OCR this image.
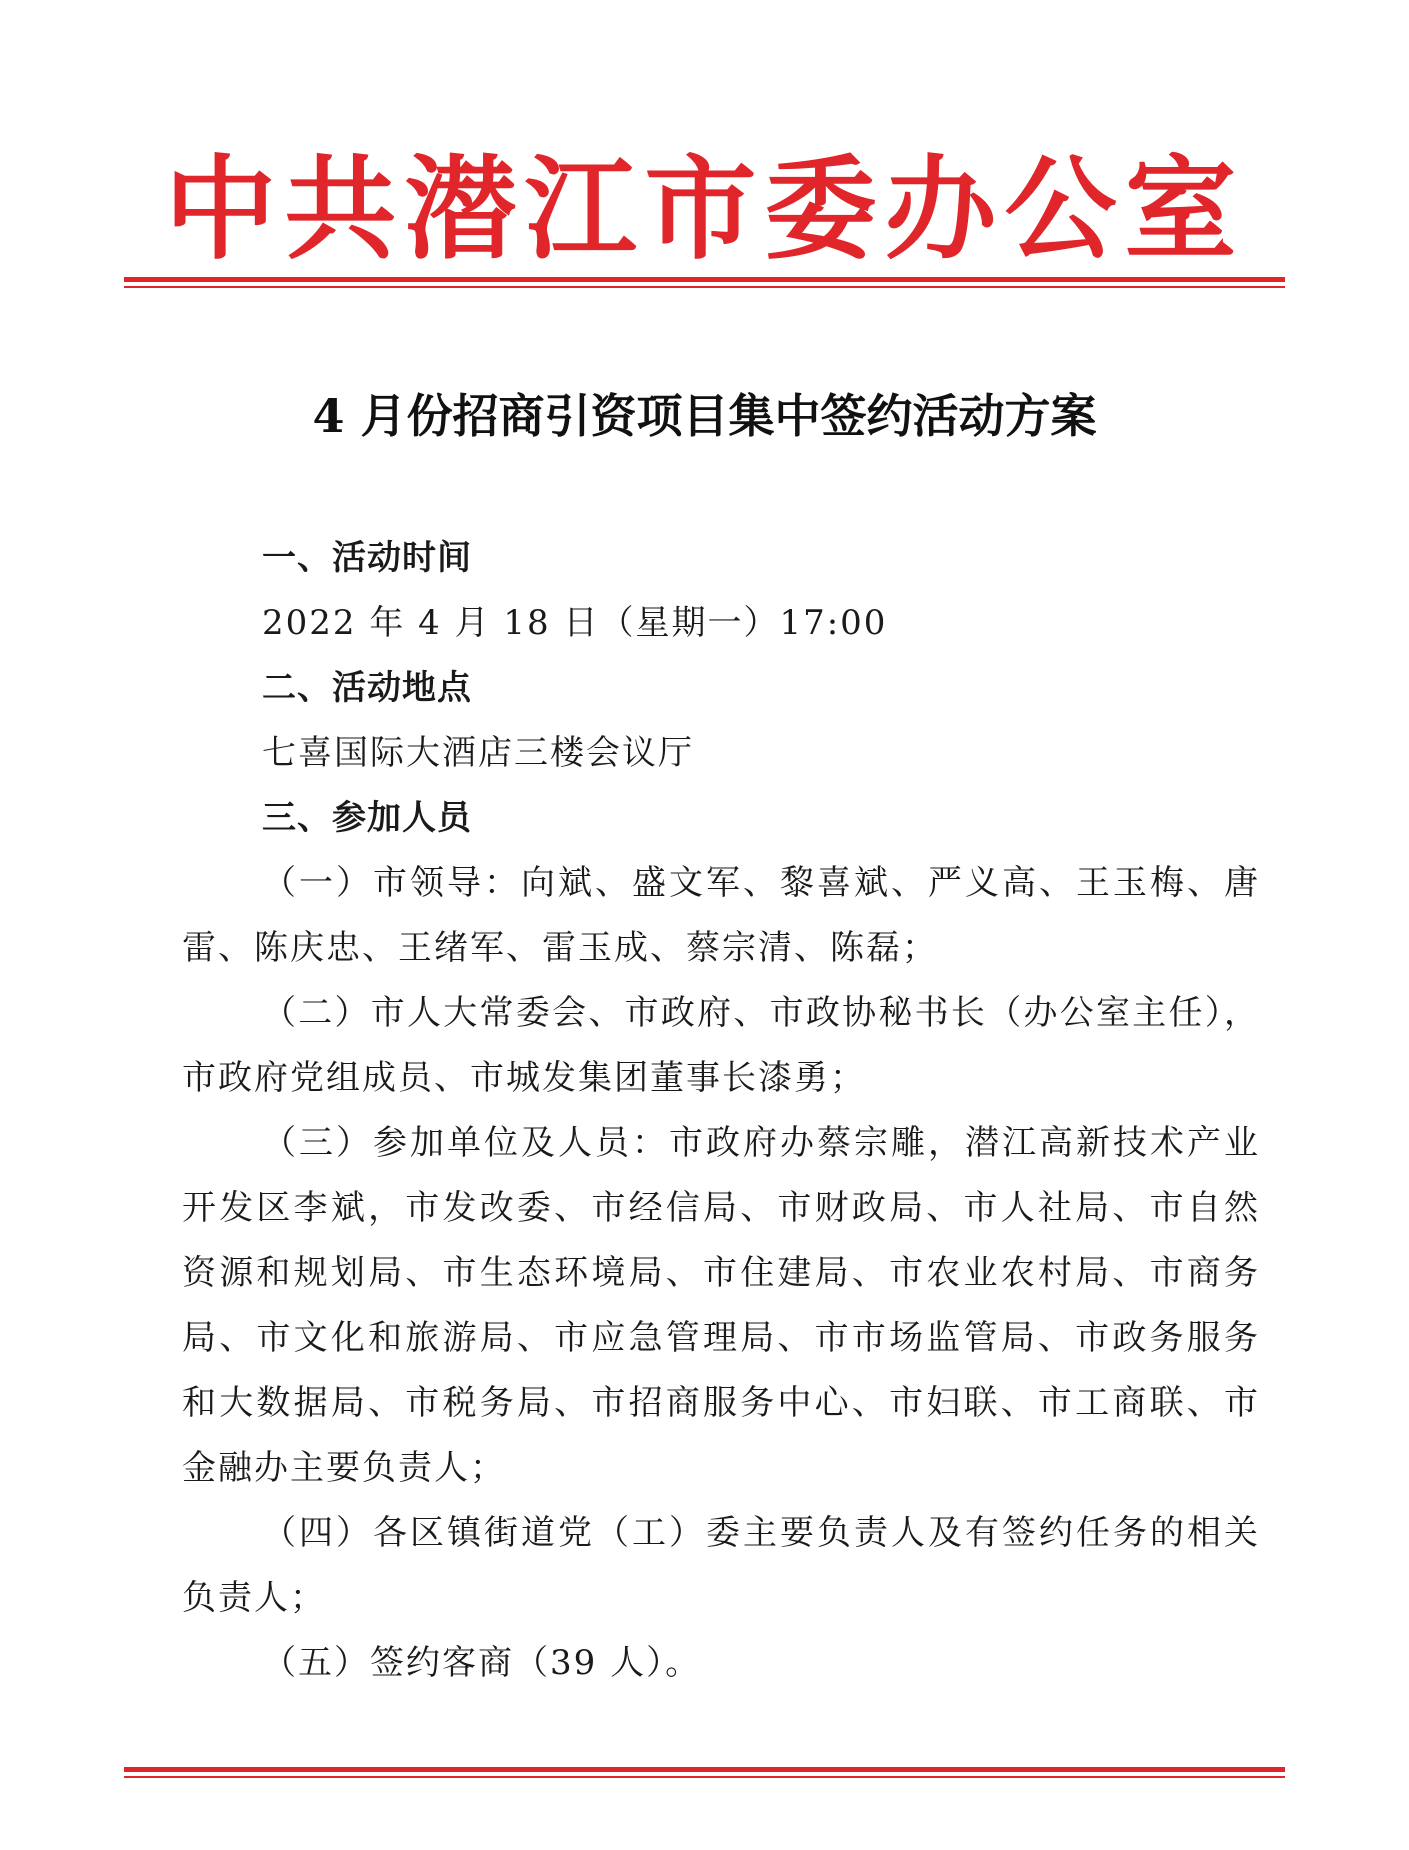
中共潜江市委办公室
4 月份招商引资项目集中签约活动方案

一、活动时间

2022 年 4 月 18 日（星期一）17:00

二、活动地点

七喜国际大酒店三楼会议厅

三、参加人员

（一）市领导：向斌、盛文军、黎喜斌、严义高、王玉梅、唐雷、陈庆忠、王绪军、雷玉成、蔡宗清、陈磊；

（二）市人大常委会、市政府、市政协秘书长（办公室主任），市政府党组成员、市城发集团董事长漆勇；

（三）参加单位及人员：市政府办蔡宗雕，潜江高新技术产业开发区李斌，市发改委、市经信局、市财政局、市人社局、市自然资源和规划局、市生态环境局、市住建局、市农业农村局、市商务局、市文化和旅游局、市应急管理局、市市场监管局、市政务服务和大数据局、市税务局、市招商服务中心、市妇联、市工商联、市金融办主要负责人；

（四）各区镇街道党（工）委主要负责人及有签约任务的相关负责人；

（五）签约客商（39 人）。
